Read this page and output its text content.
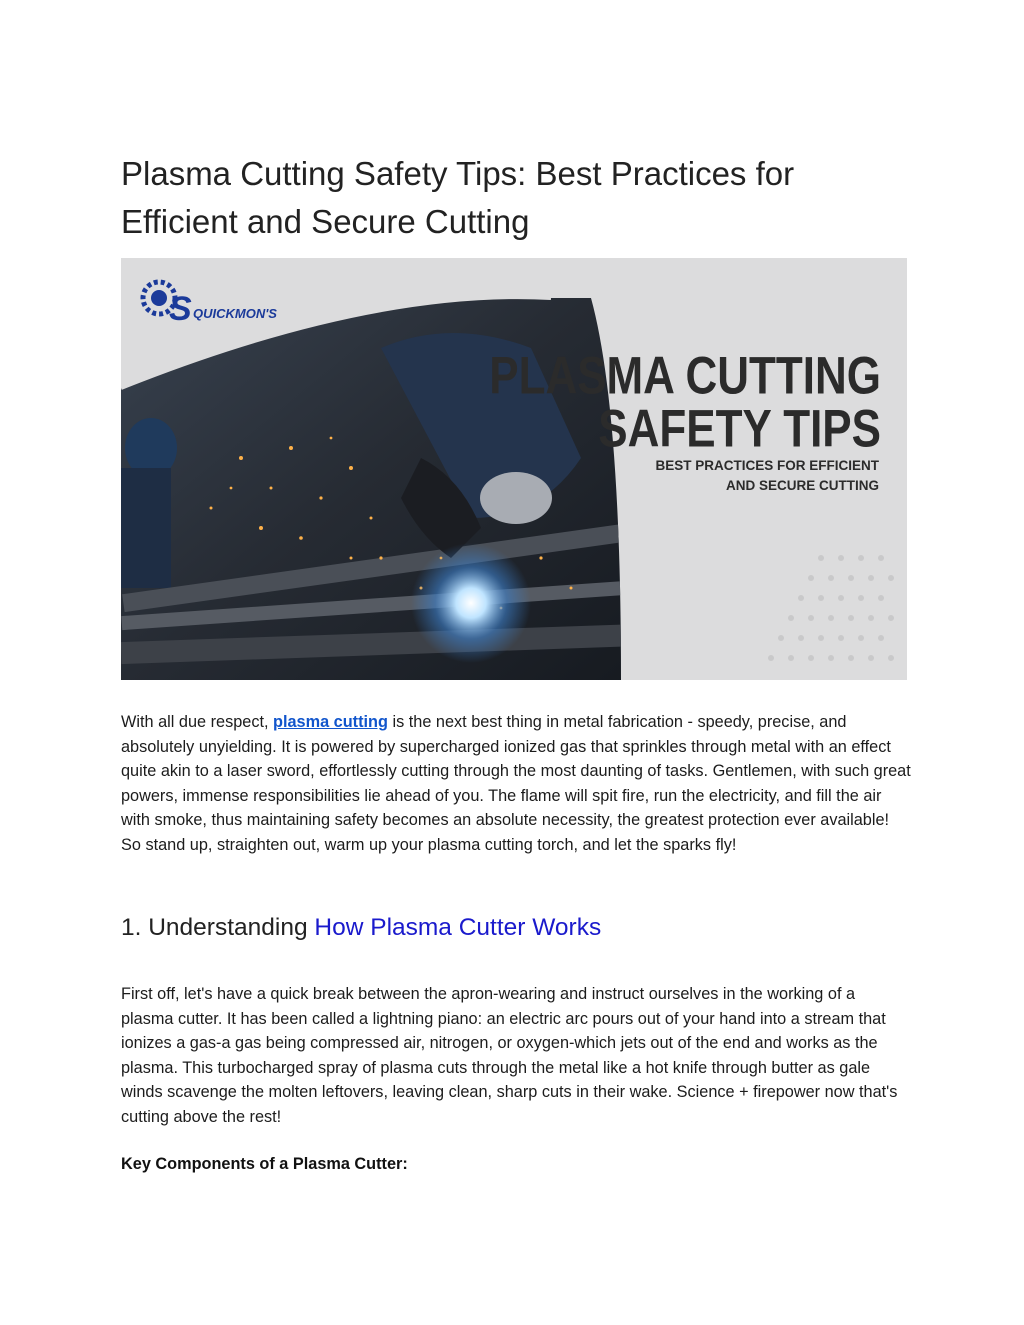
Plasma Cutting Safety Tips: Best Practices for Efficient and Secure Cutting
S QUICKMON'S
PLASMA CUTTING
SAFETY TIPS
BEST PRACTICES FOR EFFICIENT
AND SECURE CUTTING

With all due respect, plasma cutting is the next best thing in metal fabrication - speedy, precise, and absolutely unyielding. It is powered by supercharged ionized gas that sprinkles through metal with an effect quite akin to a laser sword, effortlessly cutting through the most daunting of tasks. Gentlemen, with such great powers, immense responsibilities lie ahead of you. The flame will spit fire, run the electricity, and fill the air with smoke, thus maintaining safety becomes an absolute necessity, the greatest protection ever available! So stand up, straighten out, warm up your plasma cutting torch, and let the sparks fly!

1. Understanding How Plasma Cutter Works

First off, let's have a quick break between the apron-wearing and instruct ourselves in the working of a plasma cutter. It has been called a lightning piano: an electric arc pours out of your hand into a stream that ionizes a gas-a gas being compressed air, nitrogen, or oxygen-which jets out of the end and works as the plasma. This turbocharged spray of plasma cuts through the metal like a hot knife through butter as gale winds scavenge the molten leftovers, leaving clean, sharp cuts in their wake. Science + firepower now that's cutting above the rest!

Key Components of a Plasma Cutter:
